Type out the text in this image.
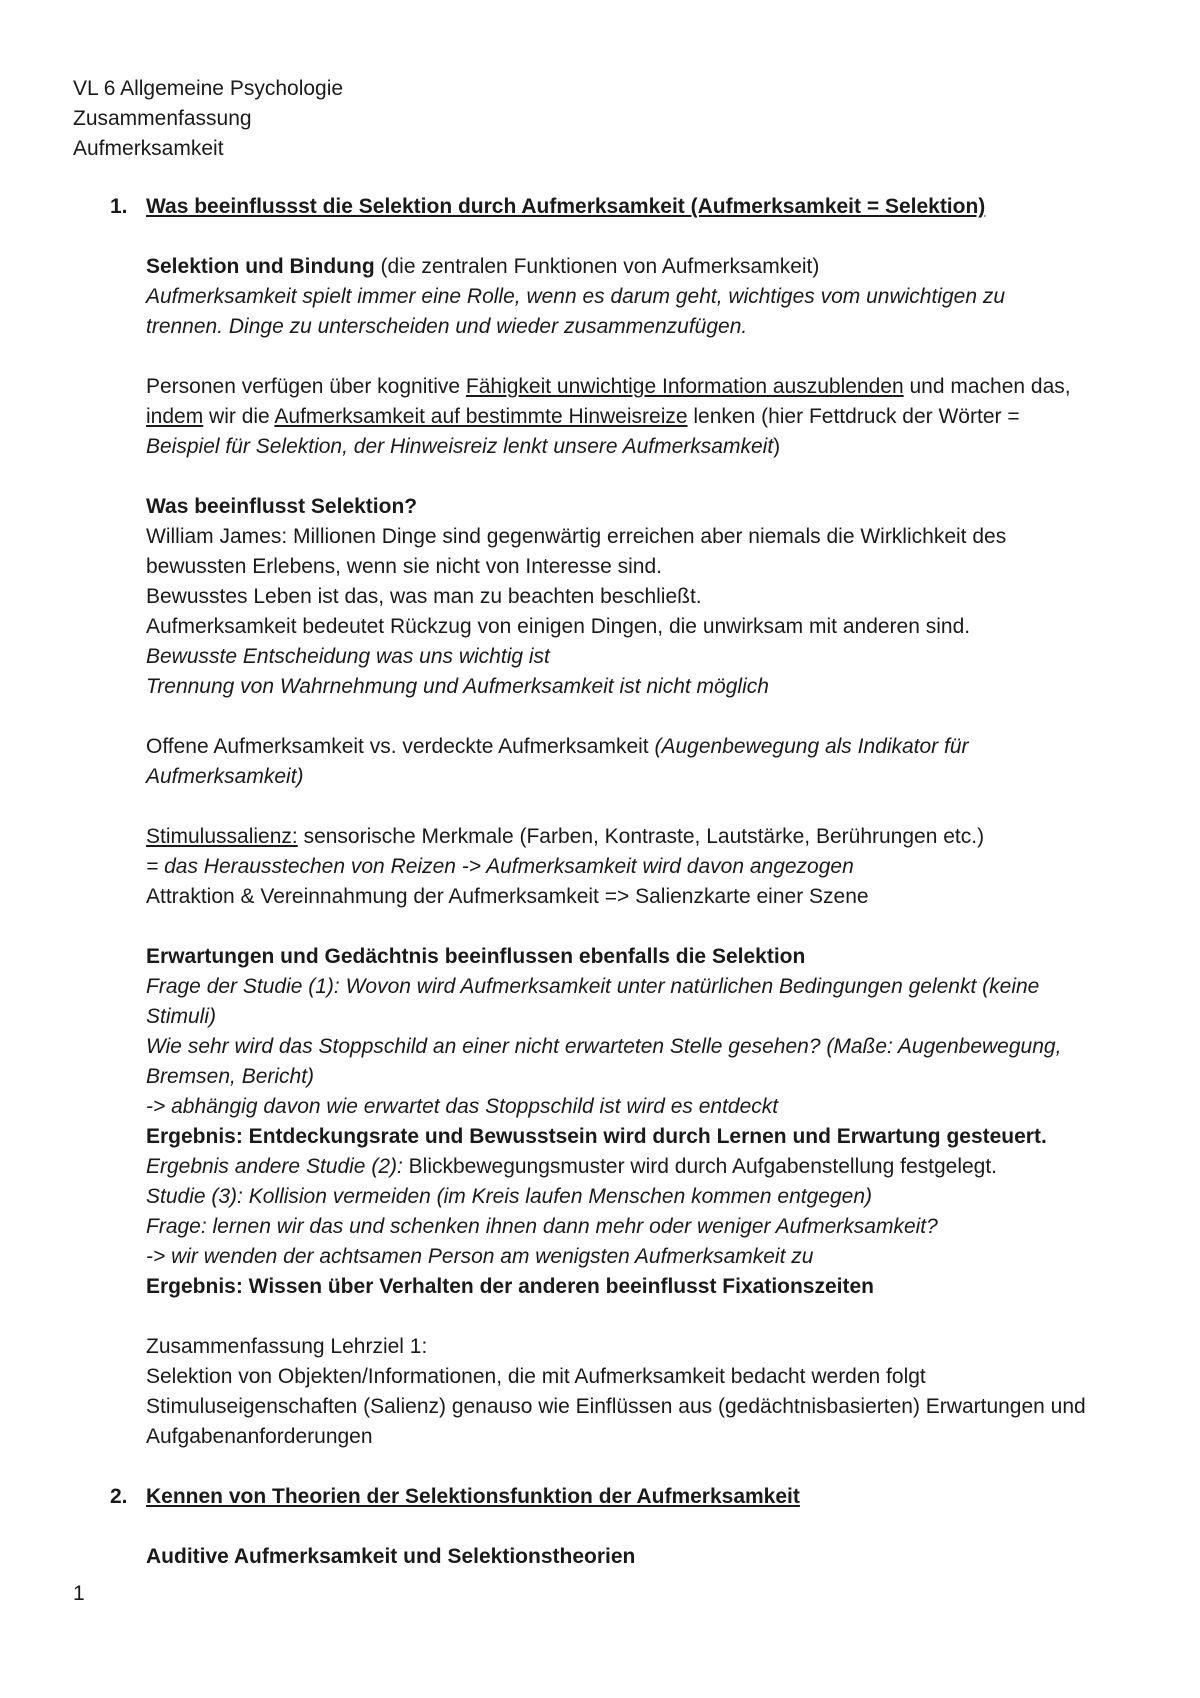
VL 6 Allgemeine Psychologie
Zusammenfassung
Aufmerksamkeit
1. Was beeinflussst die Selektion durch Aufmerksamkeit (Aufmerksamkeit = Selektion)
Selektion und Bindung (die zentralen Funktionen von Aufmerksamkeit)
Aufmerksamkeit spielt immer eine Rolle, wenn es darum geht, wichtiges vom unwichtigen zu
trennen. Dinge zu unterscheiden und wieder zusammenzufügen.
Personen verfügen über kognitive Fähigkeit unwichtige Information auszublenden und machen das,
indem wir die Aufmerksamkeit auf bestimmte Hinweisreize lenken (hier Fettdruck der Wörter =
Beispiel für Selektion, der Hinweisreiz lenkt unsere Aufmerksamkeit)
Was beeinflusst Selektion?
William James: Millionen Dinge sind gegenwärtig erreichen aber niemals die Wirklichkeit des
bewussten Erlebens, wenn sie nicht von Interesse sind.
Bewusstes Leben ist das, was man zu beachten beschließt.
Aufmerksamkeit bedeutet Rückzug von einigen Dingen, die unwirksam mit anderen sind.
Bewusste Entscheidung was uns wichtig ist
Trennung von Wahrnehmung und Aufmerksamkeit ist nicht möglich
Offene Aufmerksamkeit vs. verdeckte Aufmerksamkeit (Augenbewegung als Indikator für
Aufmerksamkeit)
Stimulussalienz: sensorische Merkmale (Farben, Kontraste, Lautstärke, Berührungen etc.)
= das Herausstechen von Reizen -> Aufmerksamkeit wird davon angezogen
Attraktion & Vereinnahmung der Aufmerksamkeit => Salienzkarte einer Szene
Erwartungen und Gedächtnis beeinflussen ebenfalls die Selektion
Frage der Studie (1): Wovon wird Aufmerksamkeit unter natürlichen Bedingungen gelenkt (keine
Stimuli)
Wie sehr wird das Stoppschild an einer nicht erwarteten Stelle gesehen? (Maße: Augenbewegung,
Bremsen, Bericht)
-> abhängig davon wie erwartet das Stoppschild ist wird es entdeckt
Ergebnis: Entdeckungsrate und Bewusstsein wird durch Lernen und Erwartung gesteuert.
Ergebnis andere Studie (2): Blickbewegungsmuster wird durch Aufgabenstellung festgelegt.
Studie (3): Kollision vermeiden (im Kreis laufen Menschen kommen entgegen)
Frage: lernen wir das und schenken ihnen dann mehr oder weniger Aufmerksamkeit?
-> wir wenden der achtsamen Person am wenigsten Aufmerksamkeit zu
Ergebnis: Wissen über Verhalten der anderen beeinflusst Fixationszeiten
Zusammenfassung Lehrziel 1:
Selektion von Objekten/Informationen, die mit Aufmerksamkeit bedacht werden folgt
Stimuluseigenschaften (Salienz) genauso wie Einflüssen aus (gedächtnisbasierten) Erwartungen und
Aufgabenanforderungen
2. Kennen von Theorien der Selektionsfunktion der Aufmerksamkeit
Auditive Aufmerksamkeit und Selektionstheorien
1
